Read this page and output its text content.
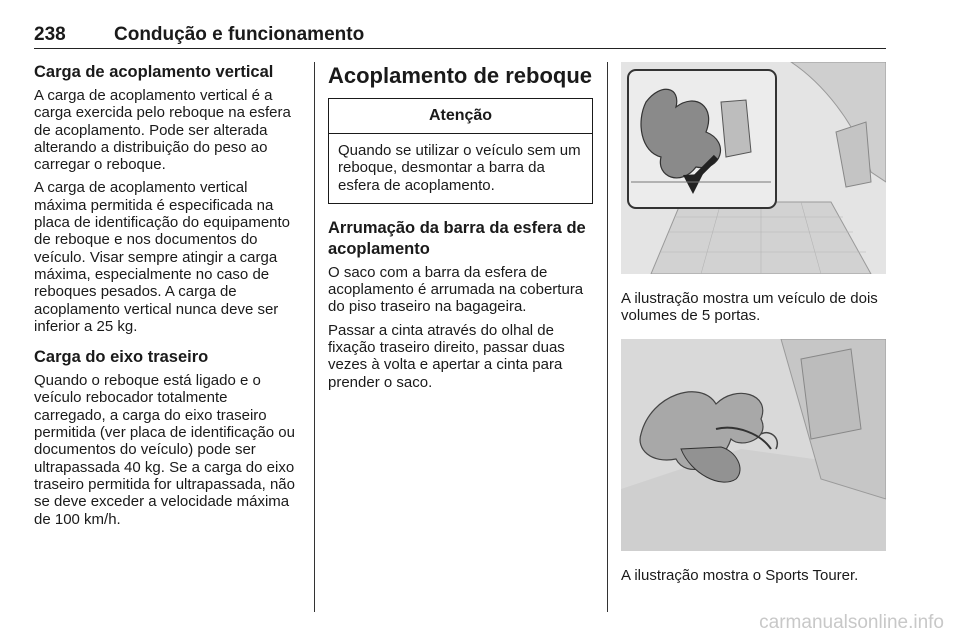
238	Condução e funcionamento
Carga de acoplamento vertical

A carga de acoplamento vertical é a carga exercida pelo reboque na esfera de acoplamento. Pode ser alterada alterando a distribuição do peso ao carregar o reboque.

A carga de acoplamento vertical máxima permitida é especificada na placa de identificação do equipamento de reboque e nos documentos do veículo. Visar sempre atingir a carga máxima, especialmente no caso de reboques pesados. A carga de acoplamento vertical nunca deve ser inferior a 25 kg.

Carga do eixo traseiro

Quando o reboque está ligado e o veículo rebocador totalmente carregado, a carga do eixo traseiro permitida (ver placa de identificação ou documentos do veículo) pode ser ultrapassada 40 kg. Se a carga do eixo traseiro permitida for ultrapassada, não se deve exceder a velocidade máxima de 100 km/h.

Acoplamento de reboque
Atenção
Quando se utilizar o veículo sem um reboque, desmontar a barra da esfera de acoplamento.
Arrumação da barra da esfera de acoplamento

O saco com a barra da esfera de acoplamento é arrumada na cobertura do piso traseiro na bagageira.

Passar a cinta através do olhal de fixação traseiro direito, passar duas vezes à volta e apertar a cinta para prender o saco.

A ilustração mostra um veículo de dois volumes de 5 portas.

A ilustração mostra o Sports Tourer.

carmanualsonline.info
